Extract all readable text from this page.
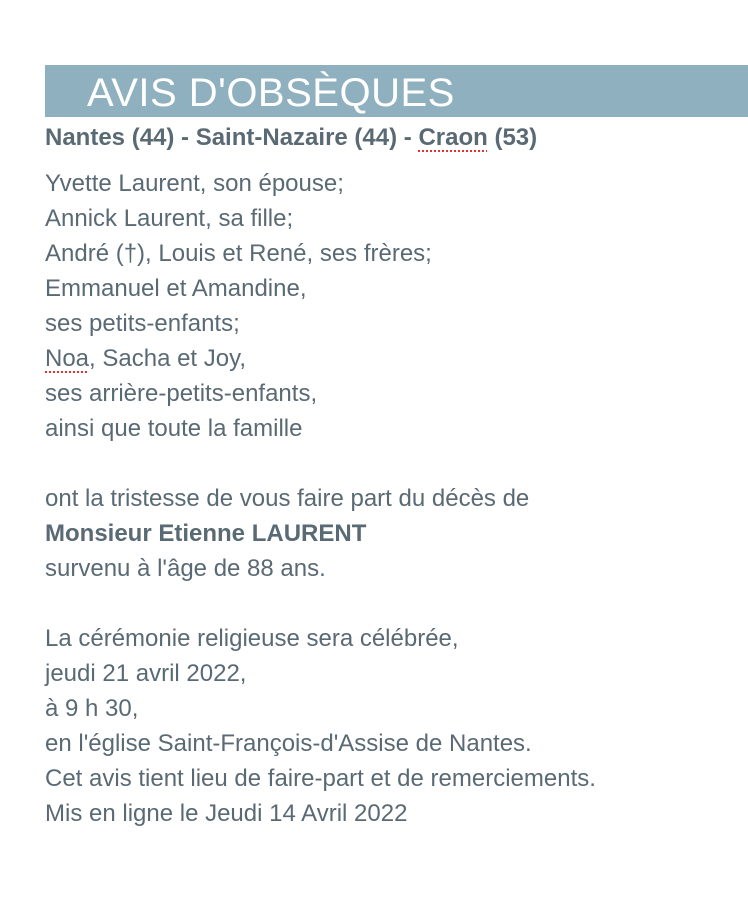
AVIS D'OBSÈQUES
Nantes (44) - Saint-Nazaire (44) - Craon (53)
Yvette Laurent, son épouse;
Annick Laurent, sa fille;
André (†), Louis et René, ses frères;
Emmanuel et Amandine,
ses petits-enfants;
Noa, Sacha et Joy,
ses arrière-petits-enfants,
ainsi que toute la famille
ont la tristesse de vous faire part du décès de
Monsieur Etienne LAURENT
survenu à l'âge de 88 ans.
La cérémonie religieuse sera célébrée,
jeudi 21 avril 2022,
à 9 h 30,
en l'église Saint-François-d'Assise de Nantes.
Cet avis tient lieu de faire-part et de remerciements.
Mis en ligne le Jeudi 14 Avril 2022
